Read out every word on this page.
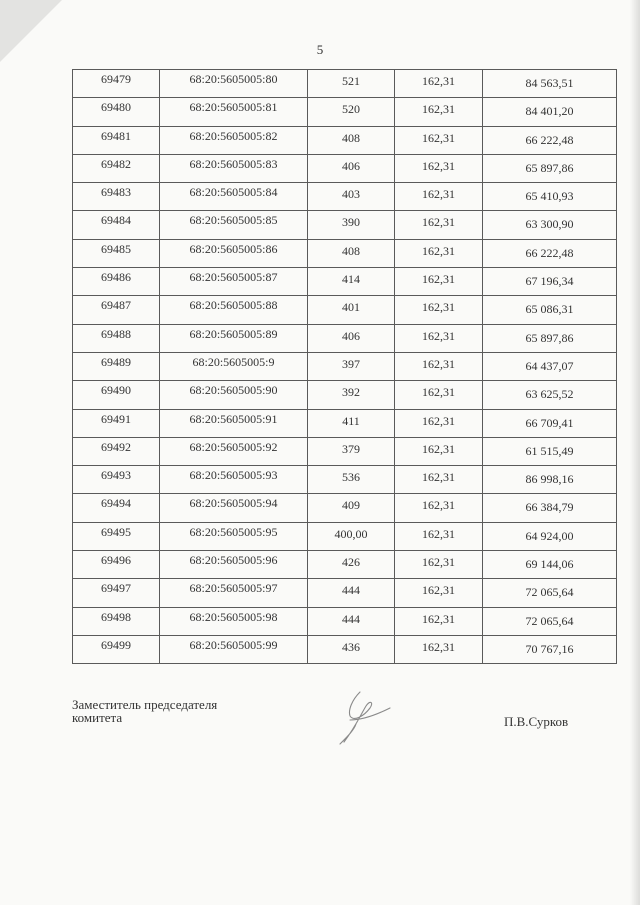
5
69479	68:20:5605005:80	521	162,31	84 563,51

69480	68:20:5605005:81	520	162,31	84 401,20

69481	68:20:5605005:82	408	162,31	66 222,48

69482	68:20:5605005:83	406	162,31	65 897,86

69483	68:20:5605005:84	403	162,31	65 410,93

69484	68:20:5605005:85	390	162,31	63 300,90

69485	68:20:5605005:86	408	162,31	66 222,48

69486	68:20:5605005:87	414	162,31	67 196,34

69487	68:20:5605005:88	401	162,31	65 086,31

69488	68:20:5605005:89	406	162,31	65 897,86

69489	68:20:5605005:9	397	162,31	64 437,07

69490	68:20:5605005:90	392	162,31	63 625,52

69491	68:20:5605005:91	411	162,31	66 709,41

69492	68:20:5605005:92	379	162,31	61 515,49

69493	68:20:5605005:93	536	162,31	86 998,16

69494	68:20:5605005:94	409	162,31	66 384,79

69495	68:20:5605005:95	400,00	162,31	64 924,00

69496	68:20:5605005:96	426	162,31	69 144,06

69497	68:20:5605005:97	444	162,31	72 065,64

69498	68:20:5605005:98	444	162,31	72 065,64

69499	68:20:5605005:99	436	162,31	70 767,16
Заместитель председателя
комитета	П.В.Сурков
